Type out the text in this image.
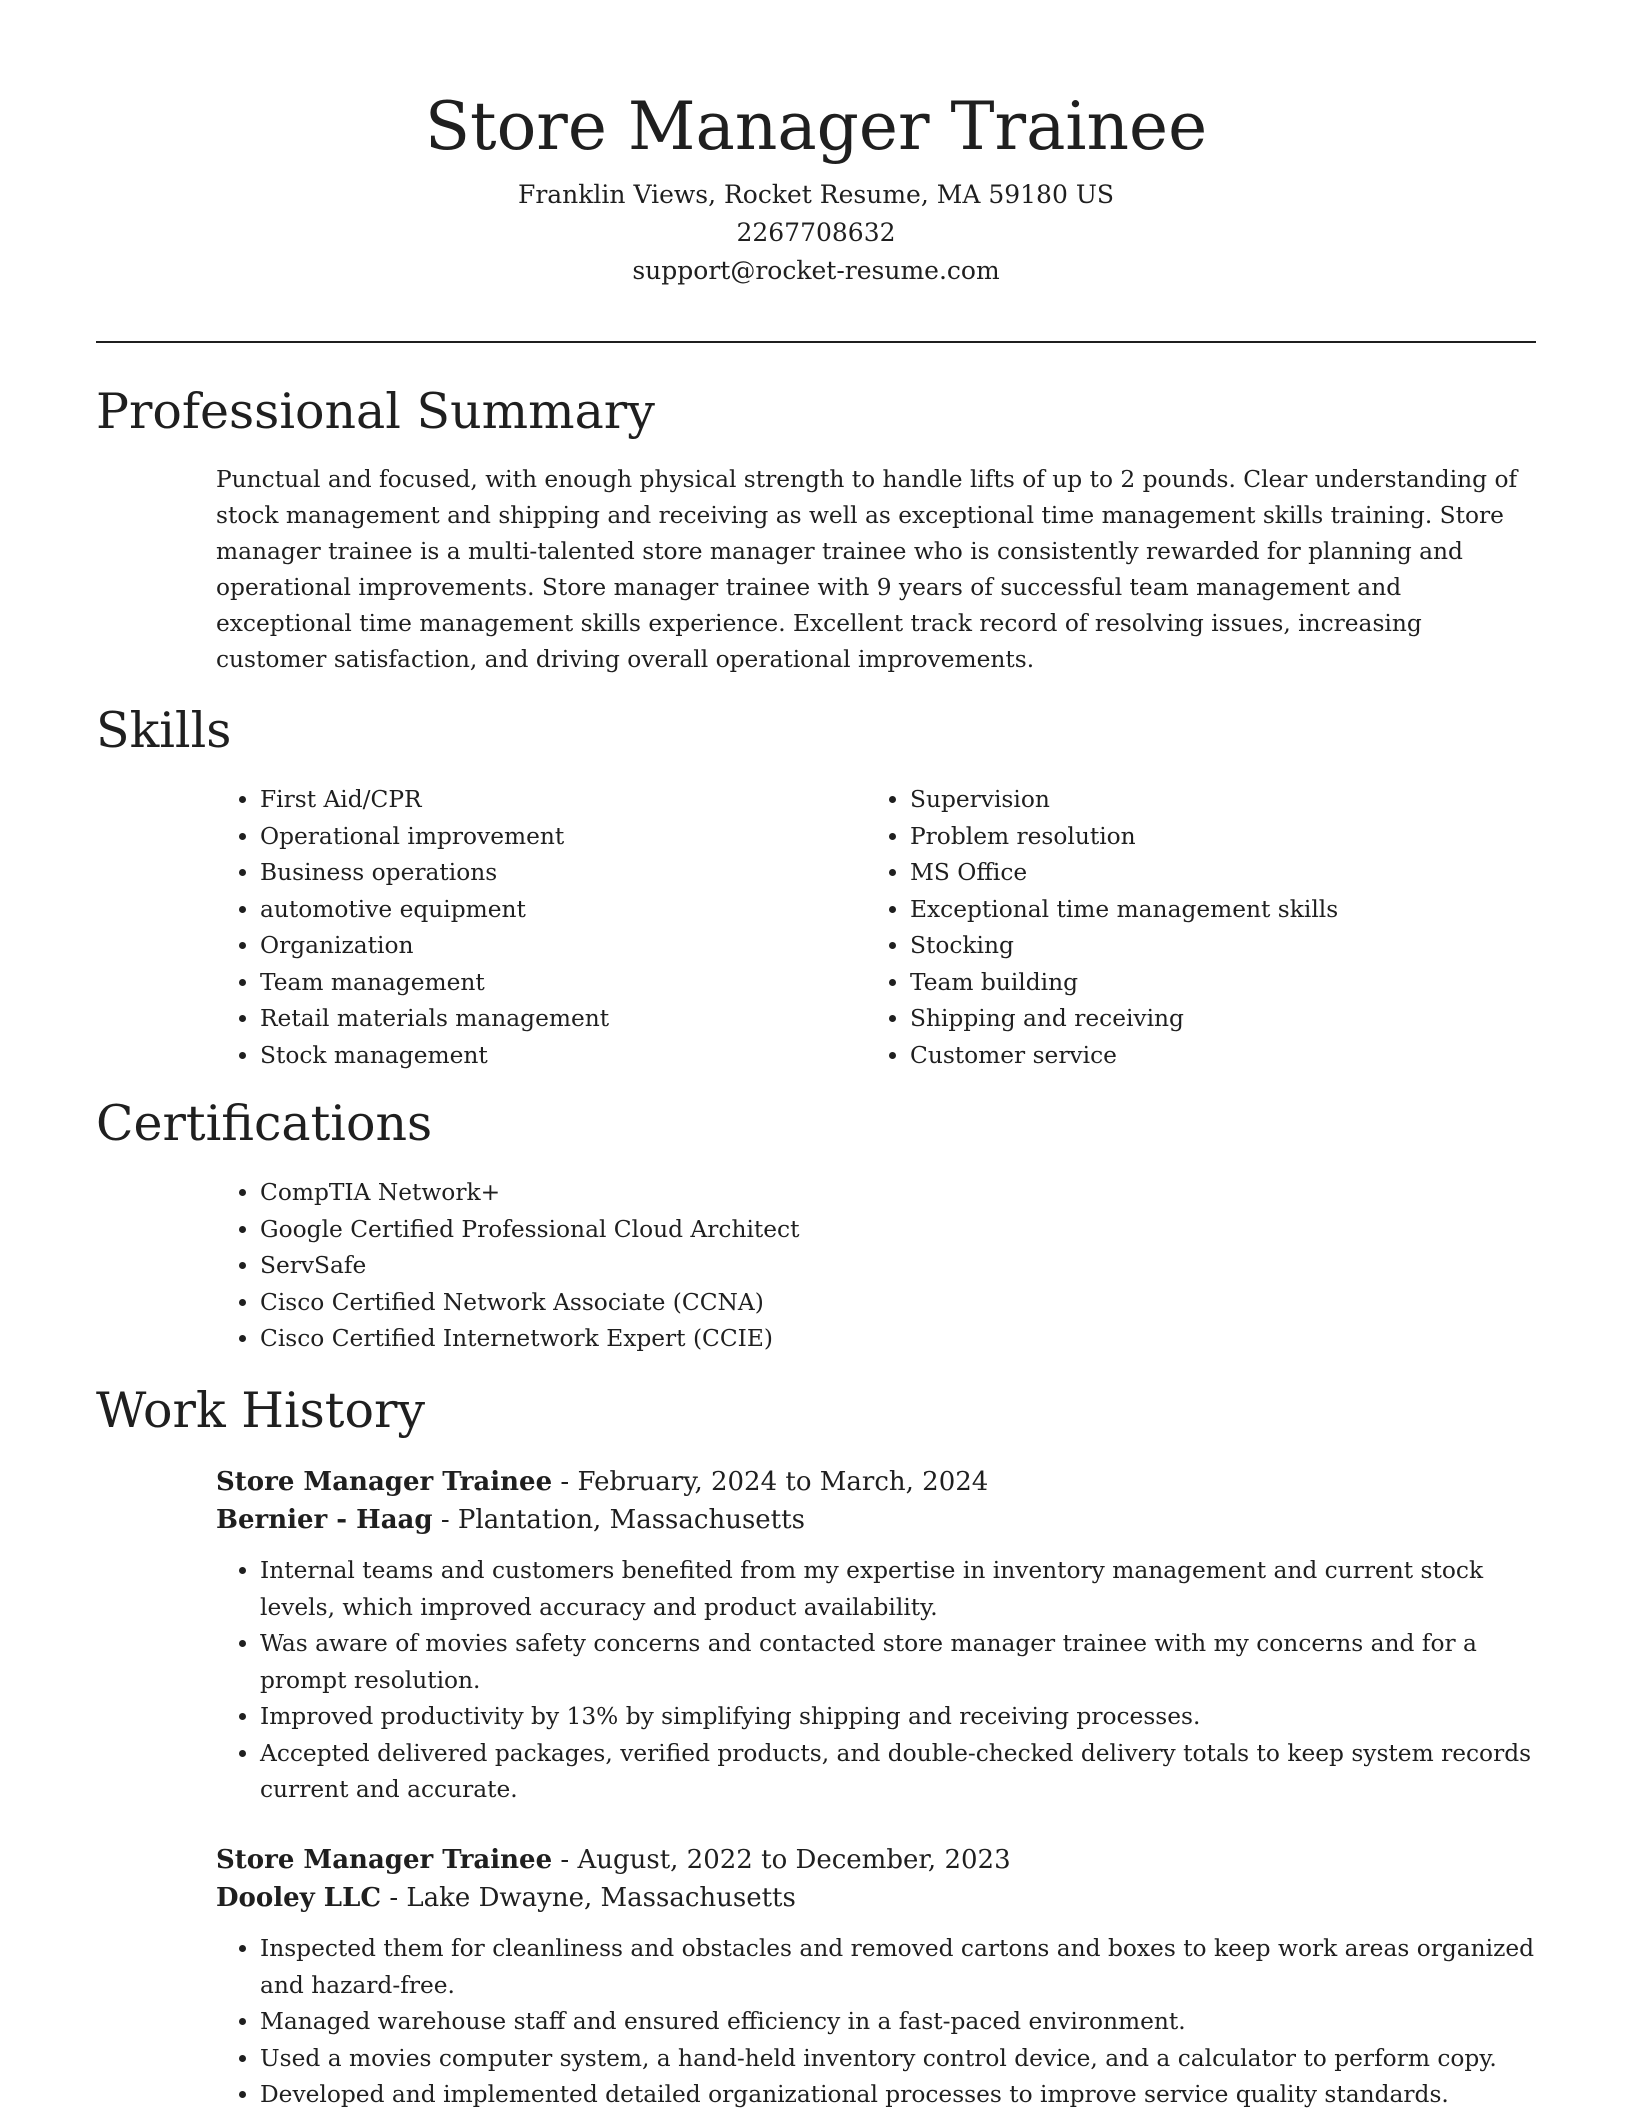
Store Manager Trainee
Franklin Views, Rocket Resume, MA 59180 US
2267708632
support@rocket-resume.com
Professional Summary

Punctual and focused, with enough physical strength to handle lifts of up to 2 pounds. Clear understanding of stock management and shipping and receiving as well as exceptional time management skills training. Store manager trainee is a multi-talented store manager trainee who is consistently rewarded for planning and operational improvements. Store manager trainee with 9 years of successful team management and exceptional time management skills experience. Excellent track record of resolving issues, increasing customer satisfaction, and driving overall operational improvements.

Skills
• First Aid/CPR
• Operational improvement
• Business operations
• automotive equipment
• Organization
• Team management
• Retail materials management
• Stock management
• Supervision
• Problem resolution
• MS Office
• Exceptional time management skills
• Stocking
• Team building
• Shipping and receiving
• Customer service
Certifications
• CompTIA Network+
• Google Certified Professional Cloud Architect
• ServSafe
• Cisco Certified Network Associate (CCNA)
• Cisco Certified Internetwork Expert (CCIE)
Work History
Store Manager Trainee - February, 2024 to March, 2024
Bernier - Haag - Plantation, Massachusetts
• Internal teams and customers benefited from my expertise in inventory management and current stock levels, which improved accuracy and product availability.
• Was aware of movies safety concerns and contacted store manager trainee with my concerns and for a prompt resolution.
• Improved productivity by 13% by simplifying shipping and receiving processes.
• Accepted delivered packages, verified products, and double-checked delivery totals to keep system records current and accurate.
Store Manager Trainee - August, 2022 to December, 2023
Dooley LLC - Lake Dwayne, Massachusetts
• Inspected them for cleanliness and obstacles and removed cartons and boxes to keep work areas organized and hazard-free.
• Managed warehouse staff and ensured efficiency in a fast-paced environment.
• Used a movies computer system, a hand-held inventory control device, and a calculator to perform copy.
• Developed and implemented detailed organizational processes to improve service quality standards.
